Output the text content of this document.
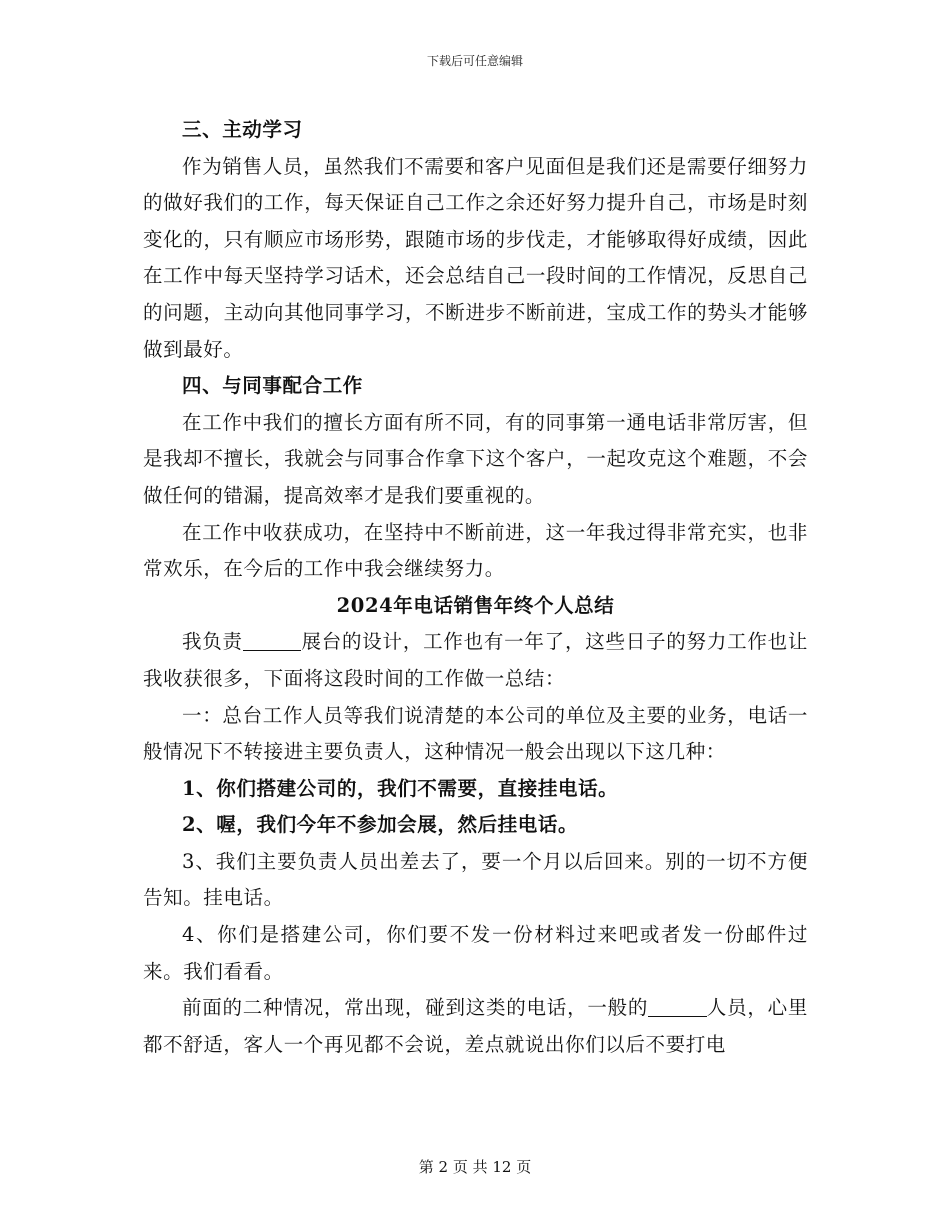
下载后可任意编辑

三、主动学习

作为销售人员，虽然我们不需要和客户见面但是我们还是需要仔细努力的做好我们的工作，每天保证自己工作之余还好努力提升自己，市场是时刻变化的，只有顺应市场形势，跟随市场的步伐走，才能够取得好成绩，因此在工作中每天坚持学习话术，还会总结自己一段时间的工作情况，反思自己的问题，主动向其他同事学习，不断进步不断前进，宝成工作的势头才能够做到最好。

四、与同事配合工作

在工作中我们的擅长方面有所不同，有的同事第一通电话非常厉害，但是我却不擅长，我就会与同事合作拿下这个客户，一起攻克这个难题，不会做任何的错漏，提高效率才是我们要重视的。

在工作中收获成功，在坚持中不断前进，这一年我过得非常充实，也非常欢乐，在今后的工作中我会继续努力。

2024年电话销售年终个人总结

我负责	展台的设计，工作也有一年了，这些日子的努力工作也让我收获很多，下面将这段时间的工作做一总结：

一：总台工作人员等我们说清楚的本公司的单位及主要的业务，电话一般情况下不转接进主要负责人，这种情况一般会出现以下这几种：

1、你们搭建公司的，我们不需要，直接挂电话。

2、喔，我们今年不参加会展，然后挂电话。

3、我们主要负责人员出差去了，要一个月以后回来。别的一切不方便告知。挂电话。

4、你们是搭建公司，你们要不发一份材料过来吧或者发一份邮件过来。我们看看。

前面的二种情况，常出现，碰到这类的电话，一般的	人员，心里都不舒适，客人一个再见都不会说，差点就说出你们以后不要打电

第 2 页 共 12 页
